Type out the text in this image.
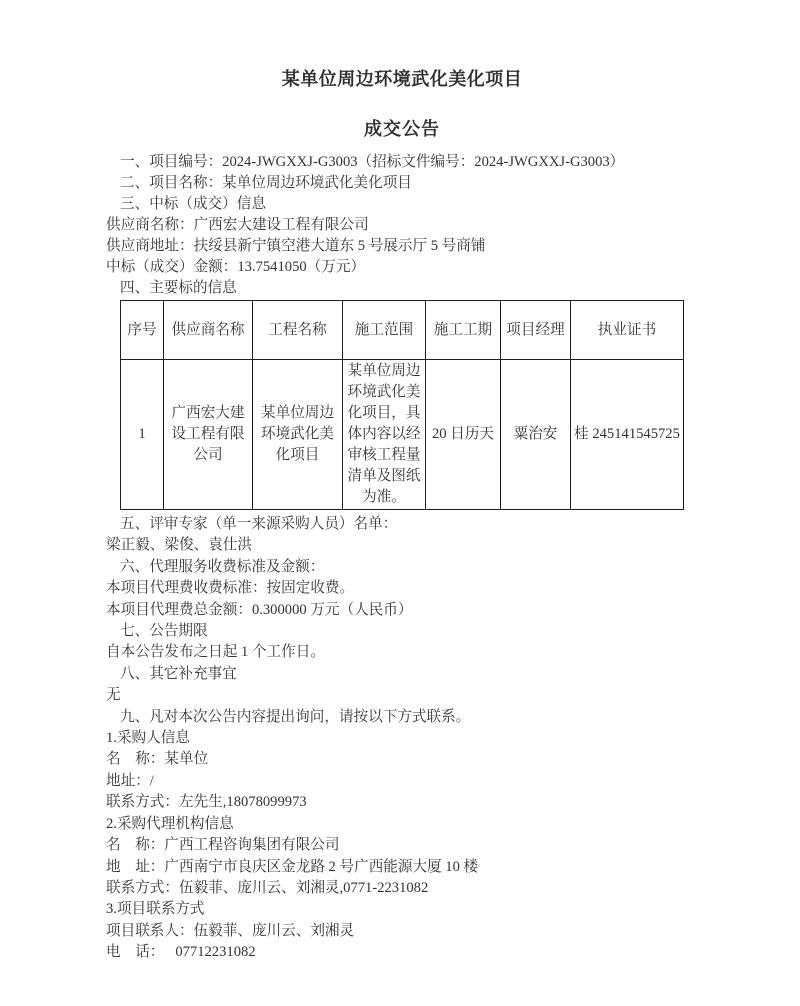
某单位周边环境武化美化项目
成交公告

一、项目编号：2024-JWGXXJ-G3003（招标文件编号：2024-JWGXXJ-G3003）

二、项目名称：某单位周边环境武化美化项目

三、中标（成交）信息

供应商名称：广西宏大建设工程有限公司

供应商地址：扶绥县新宁镇空港大道东 5 号展示厅 5 号商铺

中标（成交）金额：13.7541050（万元）

四、主要标的信息

序号	供应商名称	工程名称	施工范围	施工工期	项目经理	执业证书
1	广西宏大建设工程有限公司	某单位周边环境武化美化项目	某单位周边环境武化美化项目，具体内容以经审核工程量清单及图纸为准。	20 日历天	粟治安	桂 245141545725

五、评审专家（单一来源采购人员）名单：

梁正毅、梁俊、袁仕洪

六、代理服务收费标准及金额：

本项目代理费收费标准：按固定收费。

本项目代理费总金额：0.300000 万元（人民币）

七、公告期限

自本公告发布之日起 1 个工作日。

八、其它补充事宜

无

九、凡对本次公告内容提出询问，请按以下方式联系。

1.采购人信息

名　称：某单位

地址：/

联系方式：左先生,18078099973

2.采购代理机构信息

名　称：广西工程咨询集团有限公司

地　址：广西南宁市良庆区金龙路 2 号广西能源大厦 10 楼

联系方式：伍毅菲、庞川云、刘湘灵,0771-2231082

3.项目联系方式

项目联系人：伍毅菲、庞川云、刘湘灵

电　话：　 07712231082
